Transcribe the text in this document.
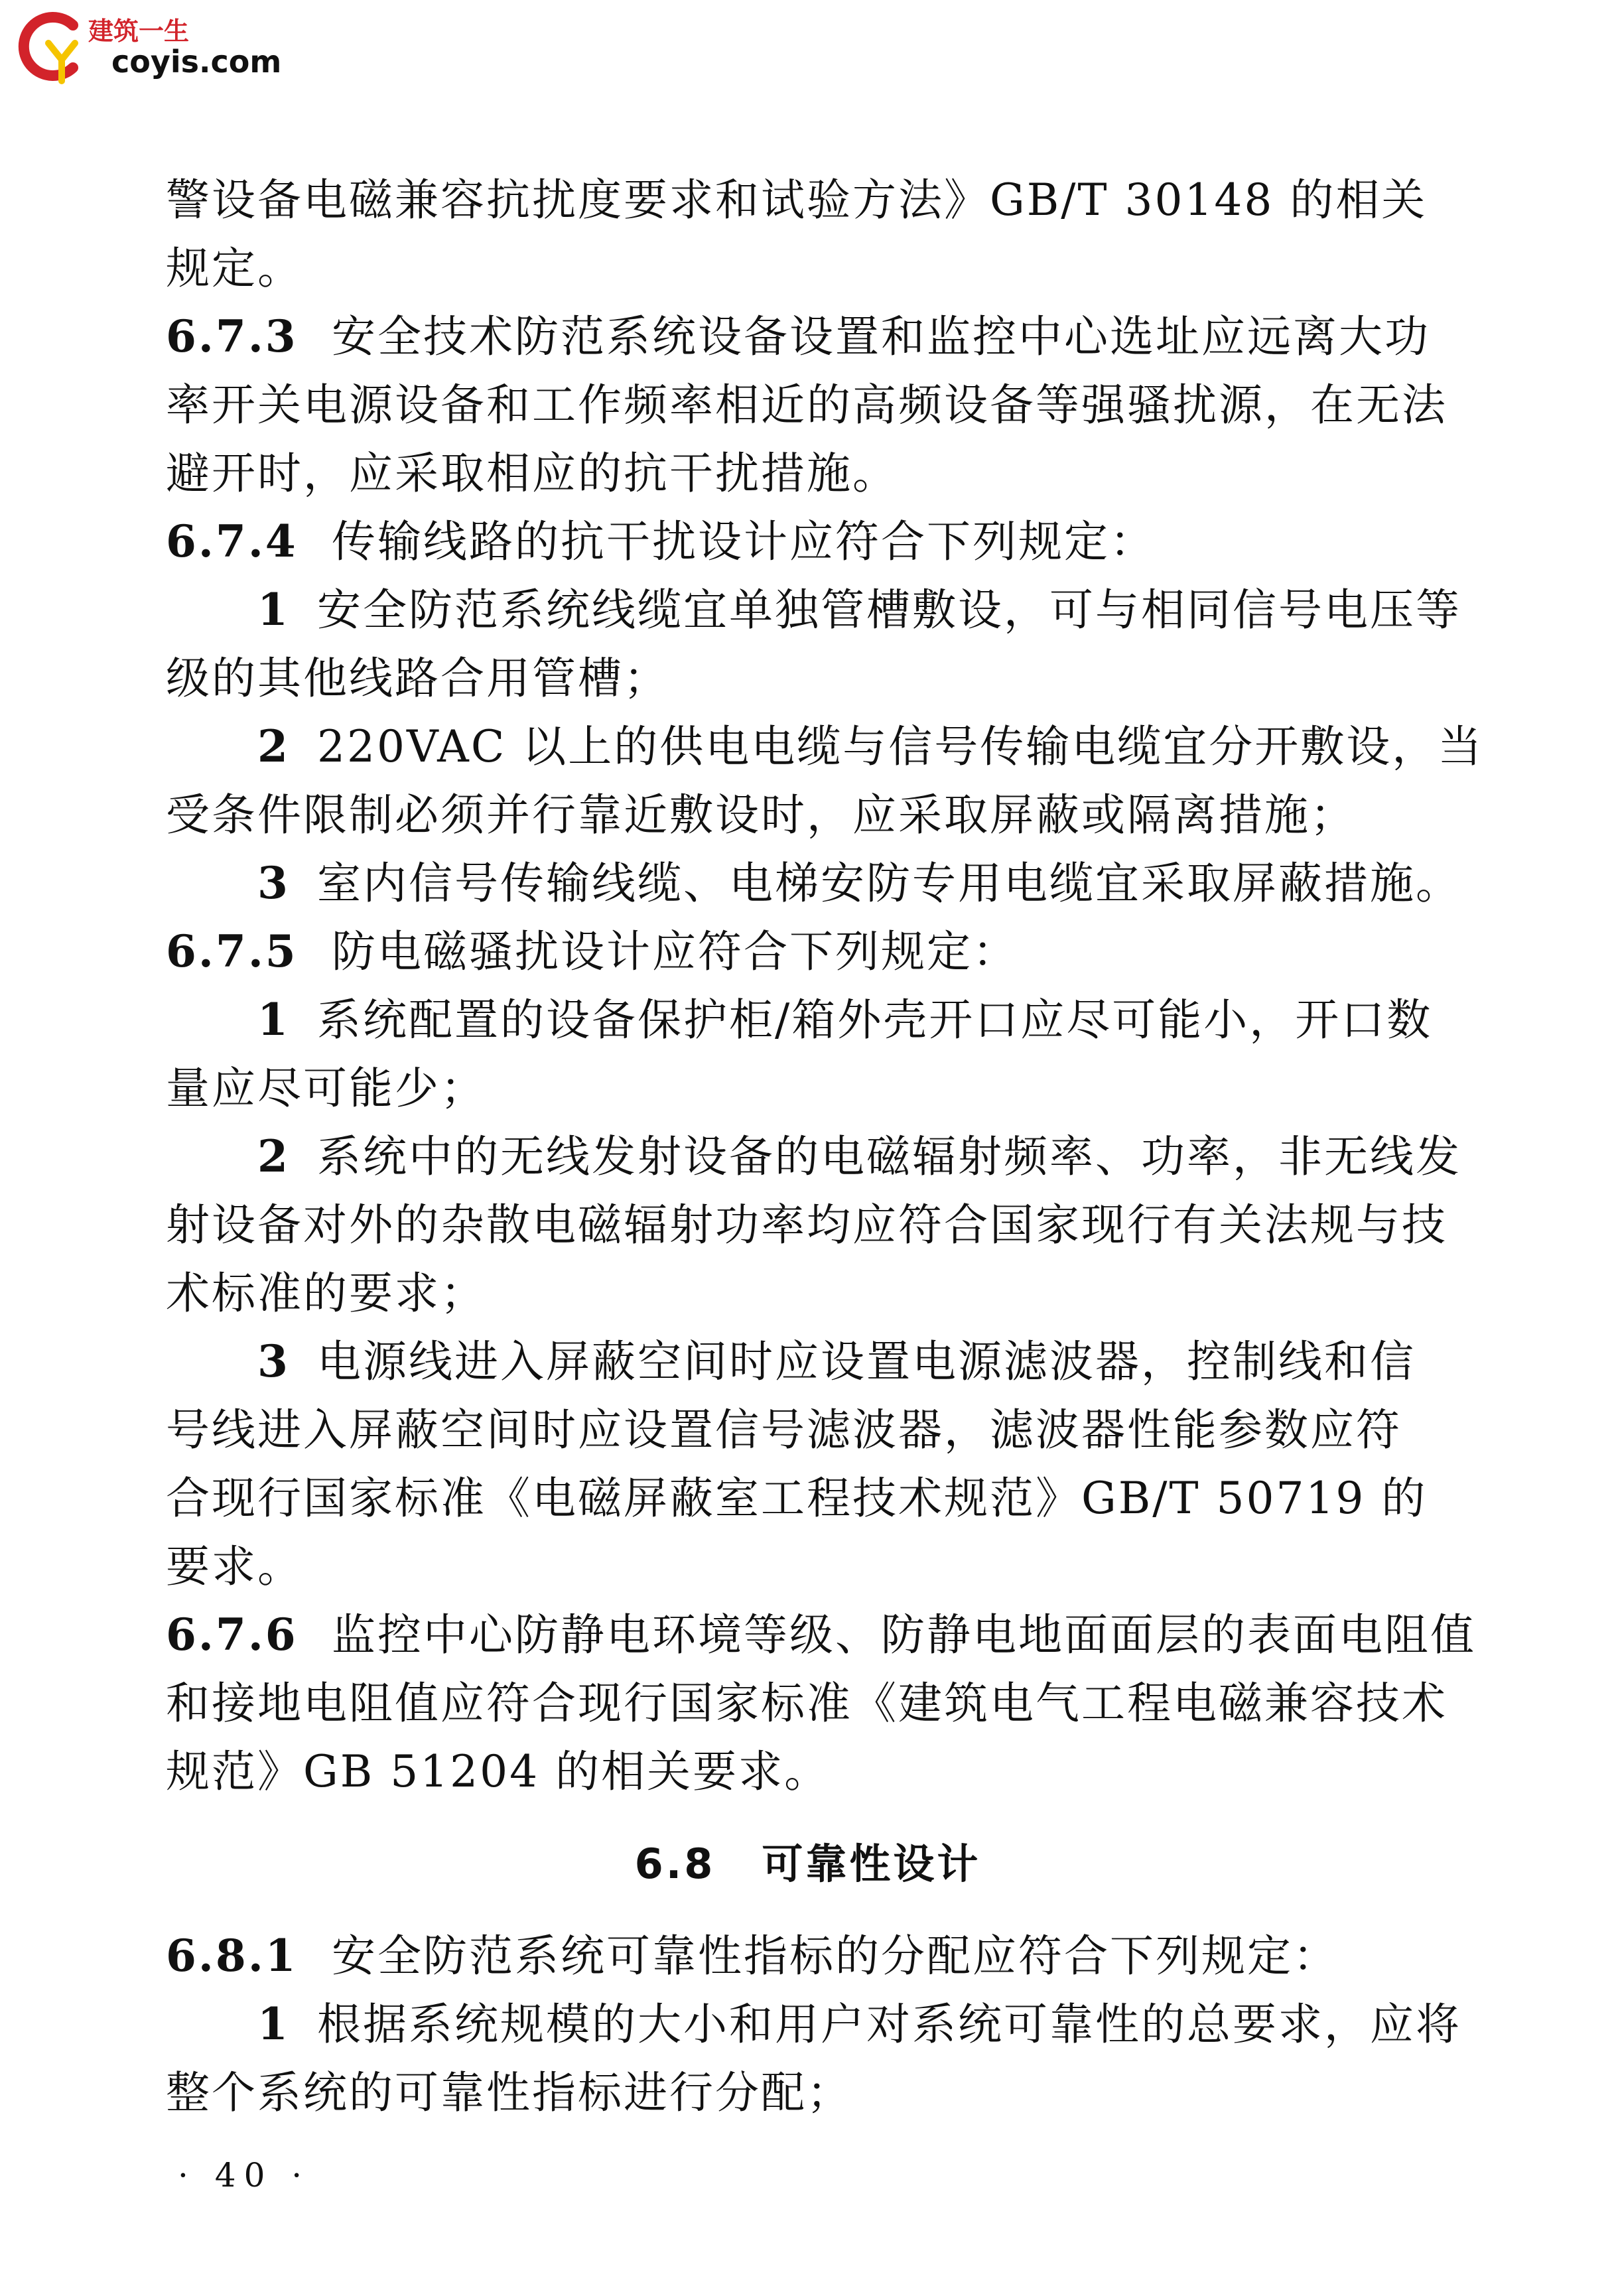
建筑一生
coyis.com
警设备电磁兼容抗扰度要求和试验方法》GB/T 30148 的相关
规定。
6.7.3 安全技术防范系统设备设置和监控中心选址应远离大功
率开关电源设备和工作频率相近的高频设备等强骚扰源，在无法
避开时，应采取相应的抗干扰措施。
6.7.4 传输线路的抗干扰设计应符合下列规定：
1 安全防范系统线缆宜单独管槽敷设，可与相同信号电压等
级的其他线路合用管槽；
2 220VAC 以上的供电电缆与信号传输电缆宜分开敷设，当
受条件限制必须并行靠近敷设时，应采取屏蔽或隔离措施；
3 室内信号传输线缆、电梯安防专用电缆宜采取屏蔽措施。
6.7.5 防电磁骚扰设计应符合下列规定：
1 系统配置的设备保护柜/箱外壳开口应尽可能小，开口数
量应尽可能少；
2 系统中的无线发射设备的电磁辐射频率、功率，非无线发
射设备对外的杂散电磁辐射功率均应符合国家现行有关法规与技
术标准的要求；
3 电源线进入屏蔽空间时应设置电源滤波器，控制线和信
号线进入屏蔽空间时应设置信号滤波器，滤波器性能参数应符
合现行国家标准《电磁屏蔽室工程技术规范》GB/T 50719 的
要求。
6.7.6 监控中心防静电环境等级、防静电地面面层的表面电阻值
和接地电阻值应符合现行国家标准《建筑电气工程电磁兼容技术
规范》GB 51204 的相关要求。
6.8 可靠性设计
6.8.1 安全防范系统可靠性指标的分配应符合下列规定：
1 根据系统规模的大小和用户对系统可靠性的总要求，应将
整个系统的可靠性指标进行分配；
· 40 ·
